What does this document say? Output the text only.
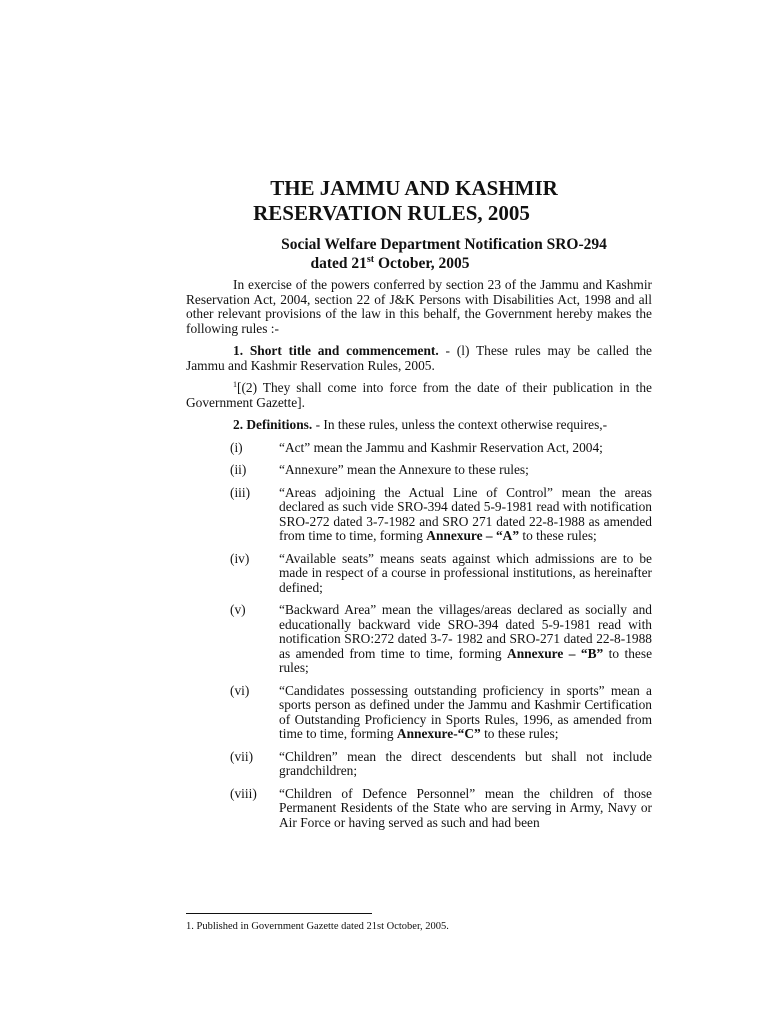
THE JAMMU AND KASHMIR
RESERVATION RULES, 2005
Social Welfare Department Notification SRO-294
dated 21st October, 2005

In exercise of the powers conferred by section 23 of the Jammu and Kashmir Reservation Act, 2004, section 22 of J&K Persons with Disabilities Act, 1998 and all other relevant provisions of the law in this behalf, the Government hereby makes the following rules :-

1. Short title and commencement. - (l) These rules may be called the Jammu and Kashmir Reservation Rules, 2005.

$^1$[(2) They shall come into force from the date of their publication in the Government Gazette].

2. Definitions. - In these rules, unless the context otherwise requires,-

(i)	“Act” mean the Jammu and Kashmir Reservation Act, 2004;
(ii)	“Annexure” mean the Annexure to these rules;
(iii)	“Areas adjoining the Actual Line of Control” mean the areas declared as such vide SRO-394 dated 5-9-1981 read with notification SRO-272 dated 3-7-1982 and SRO 271 dated 22-8-1988 as amended from time to time, forming Annexure – “A” to these rules;
(iv)	“Available seats” means seats against which admissions are to be made in respect of a course in professional institutions, as hereinafter defined;
(v)	“Backward Area” mean the villages/areas declared as socially and educationally backward vide SRO-394 dated 5-9-1981 read with notification SRO:272 dated 3-7- 1982 and SRO-271 dated 22-8-1988 as amended from time to time, forming Annexure – “B” to these rules;
(vi)	“Candidates possessing outstanding proficiency in sports” mean a sports person as defined under the Jammu and Kashmir Certification of Outstanding Proficiency in Sports Rules, 1996, as amended from time to time, forming Annexure-“C” to these rules;
(vii)	“Children” mean the direct descendents but shall not include grandchildren;
(viii)	“Children of Defence Personnel” mean the children of those Permanent Residents of the State who are serving in Army, Navy or Air Force or having served as such and had been
1. Published in Government Gazette dated 21st October, 2005.
